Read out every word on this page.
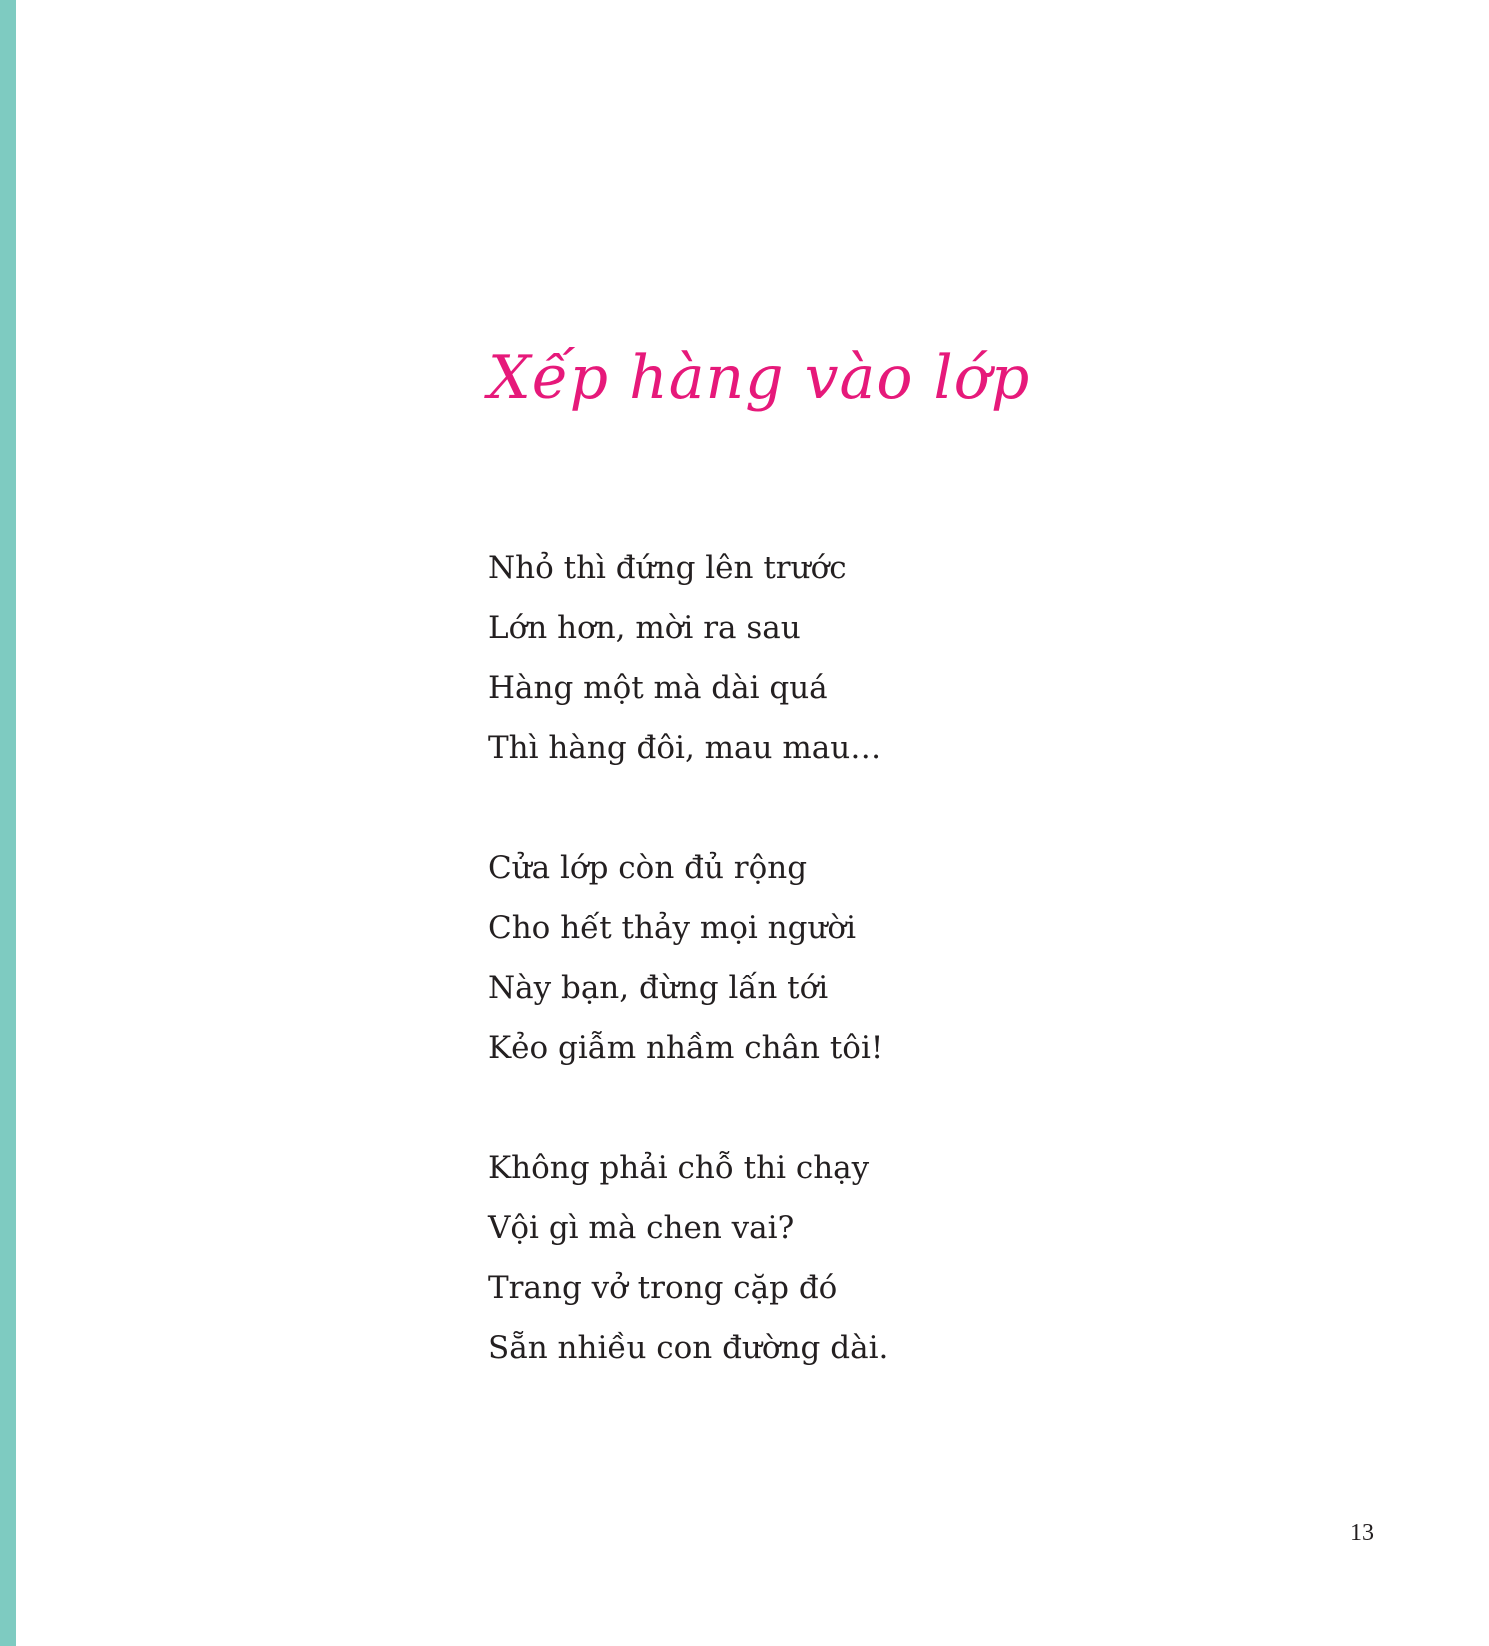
Xếp hàng vào lớp
Nhỏ thì đứng lên trước
Lớn hơn, mời ra sau
Hàng một mà dài quá
Thì hàng đôi, mau mau…
Cửa lớp còn đủ rộng
Cho hết thảy mọi người
Này bạn, đừng lấn tới
Kẻo giẫm nhầm chân tôi!
Không phải chỗ thi chạy
Vội gì mà chen vai?
Trang vở trong cặp đó
Sẵn nhiều con đường dài.
13
